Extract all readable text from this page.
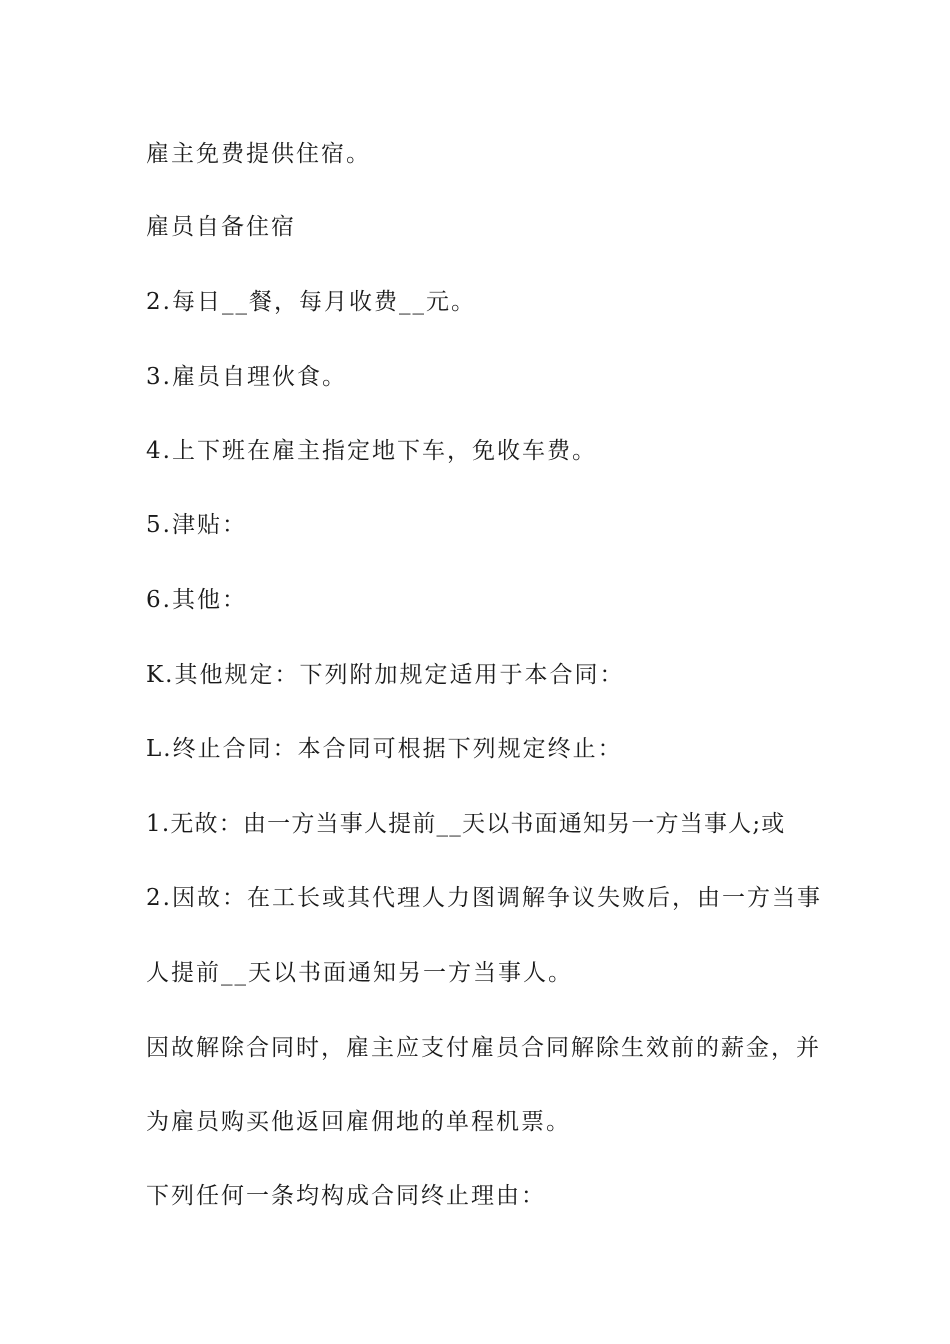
雇主免费提供住宿。
雇员自备住宿
2.每日__餐，每月收费__元。
3.雇员自理伙食。
4.上下班在雇主指定地下车，免收车费。
5.津贴：
6.其他：
K.其他规定：下列附加规定适用于本合同：
L.终止合同：本合同可根据下列规定终止：
1.无故：由一方当事人提前__天以书面通知另一方当事人;或
2.因故：在工长或其代理人力图调解争议失败后，由一方当事
人提前__天以书面通知另一方当事人。
因故解除合同时，雇主应支付雇员合同解除生效前的薪金，并
为雇员购买他返回雇佣地的单程机票。
下列任何一条均构成合同终止理由：
